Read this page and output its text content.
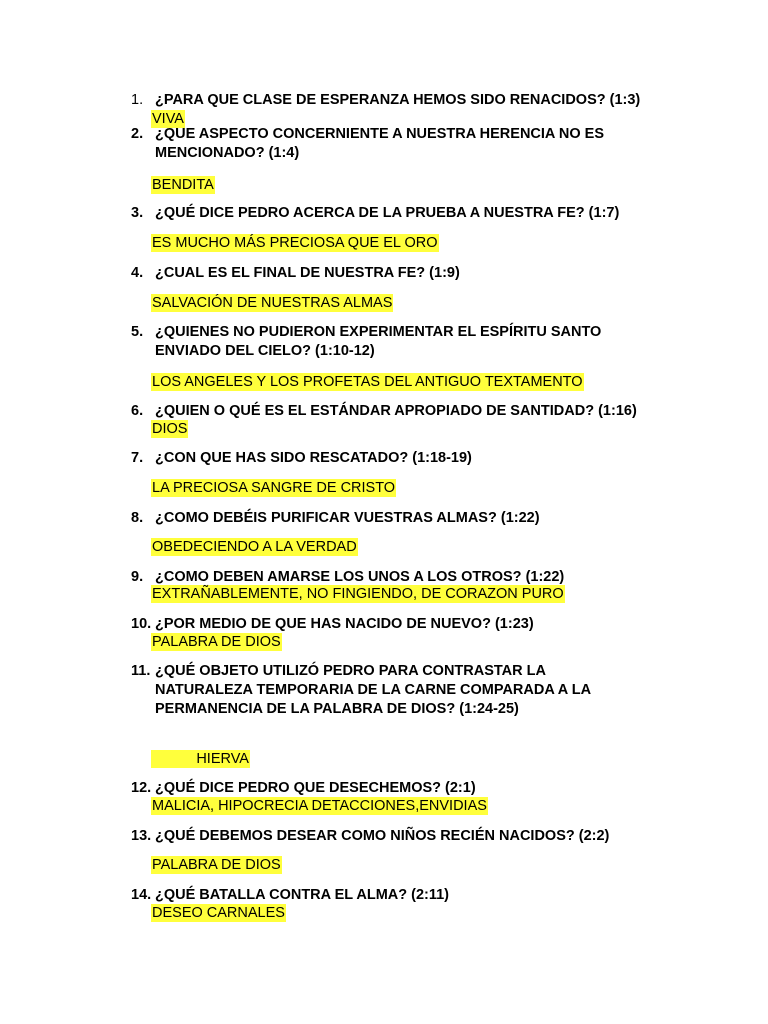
1. ¿PARA QUE CLASE DE ESPERANZA HEMOS SIDO RENACIDOS? (1:3)
VIVA
2. ¿QUE ASPECTO CONCERNIENTE A NUESTRA HERENCIA NO ES
MENCIONADO? (1:4)
BENDITA
3. ¿QUÉ DICE PEDRO ACERCA DE LA PRUEBA A NUESTRA FE? (1:7)
ES MUCHO MÁS PRECIOSA QUE EL ORO
4. ¿CUAL ES EL FINAL DE NUESTRA FE? (1:9)
SALVACIÓN DE NUESTRAS ALMAS
5. ¿QUIENES NO PUDIERON EXPERIMENTAR EL ESPÍRITU SANTO
ENVIADO DEL CIELO? (1:10-12)
LOS ANGELES Y LOS PROFETAS DEL ANTIGUO TEXTAMENTO
6. ¿QUIEN O QUÉ ES EL ESTÁNDAR APROPIADO DE SANTIDAD? (1:16)
DIOS
7. ¿CON QUE HAS SIDO RESCATADO? (1:18-19)
LA PRECIOSA SANGRE DE CRISTO
8. ¿COMO DEBÉIS PURIFICAR VUESTRAS ALMAS? (1:22)
OBEDECIENDO A LA VERDAD
9. ¿COMO DEBEN AMARSE LOS UNOS A LOS OTROS? (1:22)
EXTRAÑABLEMENTE, NO FINGIENDO, DE CORAZON PURO
10. ¿POR MEDIO DE QUE HAS NACIDO DE NUEVO? (1:23)
PALABRA DE DIOS
11. ¿QUÉ OBJETO UTILIZÓ PEDRO PARA CONTRASTAR LA
NATURALEZA TEMPORARIA DE LA CARNE COMPARADA A LA
PERMANENCIA DE LA PALABRA DE DIOS? (1:24-25)
HIERVA
12. ¿QUÉ DICE PEDRO QUE DESECHEMOS? (2:1)
MALICIA, HIPOCRECIA DETACCIONES,ENVIDIAS
13. ¿QUÉ DEBEMOS DESEAR COMO NIÑOS RECIÉN NACIDOS? (2:2)
PALABRA DE DIOS
14. ¿QUÉ BATALLA CONTRA EL ALMA? (2:11)
DESEO CARNALES
